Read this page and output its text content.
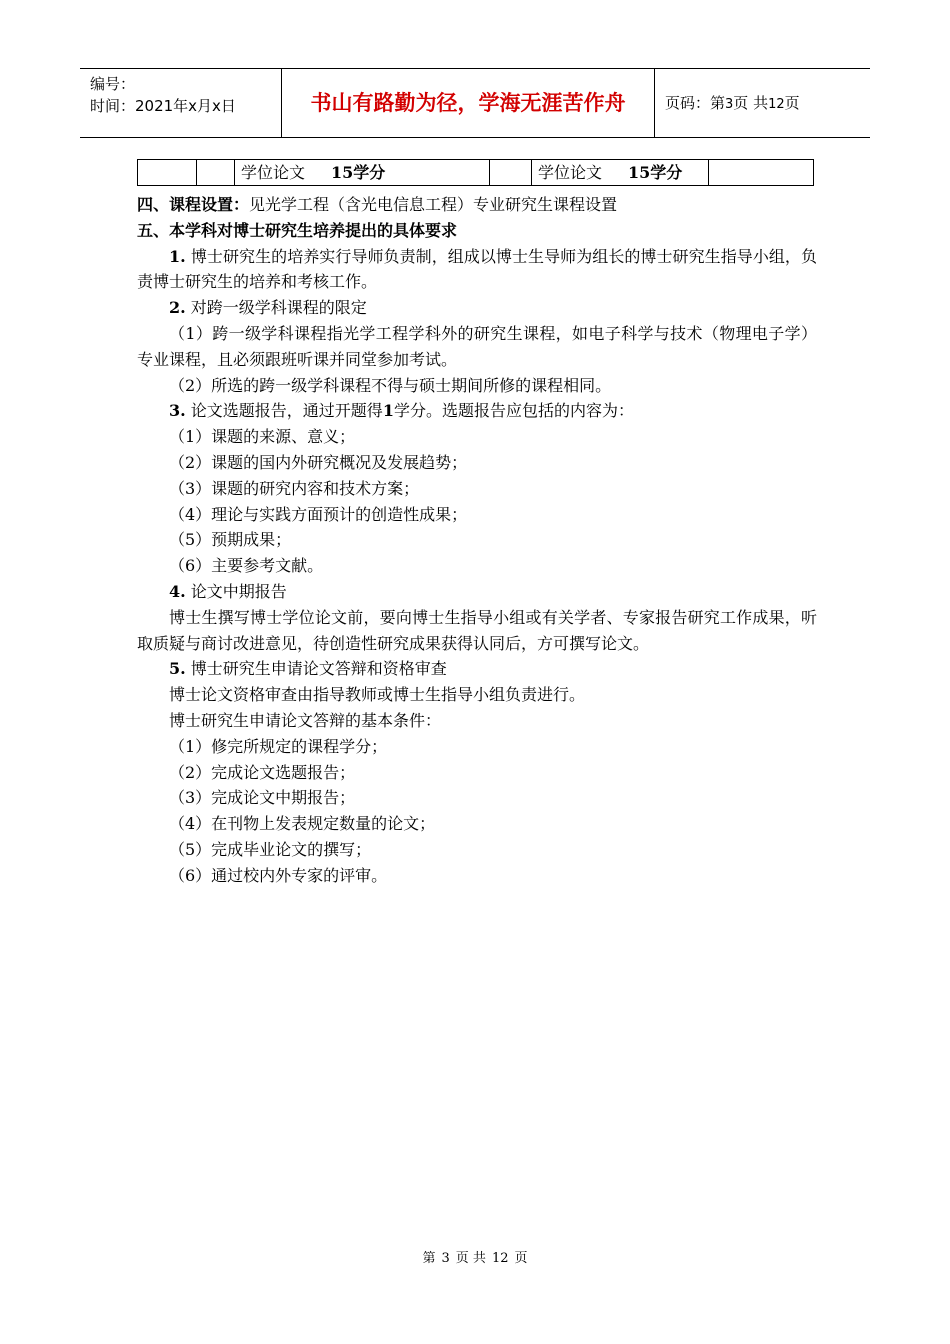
编号：
时间：2021年x月x日	书山有路勤为径，学海无涯苦作舟	页码：第3页 共12页
学位论文 15学分	学位论文 15学分

四、课程设置：见光学工程（含光电信息工程）专业研究生课程设置

五、本学科对博士研究生培养提出的具体要求

1. 博士研究生的培养实行导师负责制，组成以博士生导师为组长的博士研究生指导小组，负责博士研究生的培养和考核工作。

2. 对跨一级学科课程的限定

（1）跨一级学科课程指光学工程学科外的研究生课程，如电子科学与技术（物理电子学）专业课程，且必须跟班听课并同堂参加考试。

（2）所选的跨一级学科课程不得与硕士期间所修的课程相同。

3. 论文选题报告，通过开题得1学分。选题报告应包括的内容为：

（1）课题的来源、意义；

（2）课题的国内外研究概况及发展趋势；

（3）课题的研究内容和技术方案；

（4）理论与实践方面预计的创造性成果；

（5）预期成果；

（6）主要参考文献。

4. 论文中期报告

博士生撰写博士学位论文前，要向博士生指导小组或有关学者、专家报告研究工作成果，听取质疑与商讨改进意见，待创造性研究成果获得认同后，方可撰写论文。

5. 博士研究生申请论文答辩和资格审查

博士论文资格审查由指导教师或博士生指导小组负责进行。

博士研究生申请论文答辩的基本条件：

（1）修完所规定的课程学分；

（2）完成论文选题报告；

（3）完成论文中期报告；

（4）在刊物上发表规定数量的论文；

（5）完成毕业论文的撰写；

（6）通过校内外专家的评审。

第 3 页 共 12 页
